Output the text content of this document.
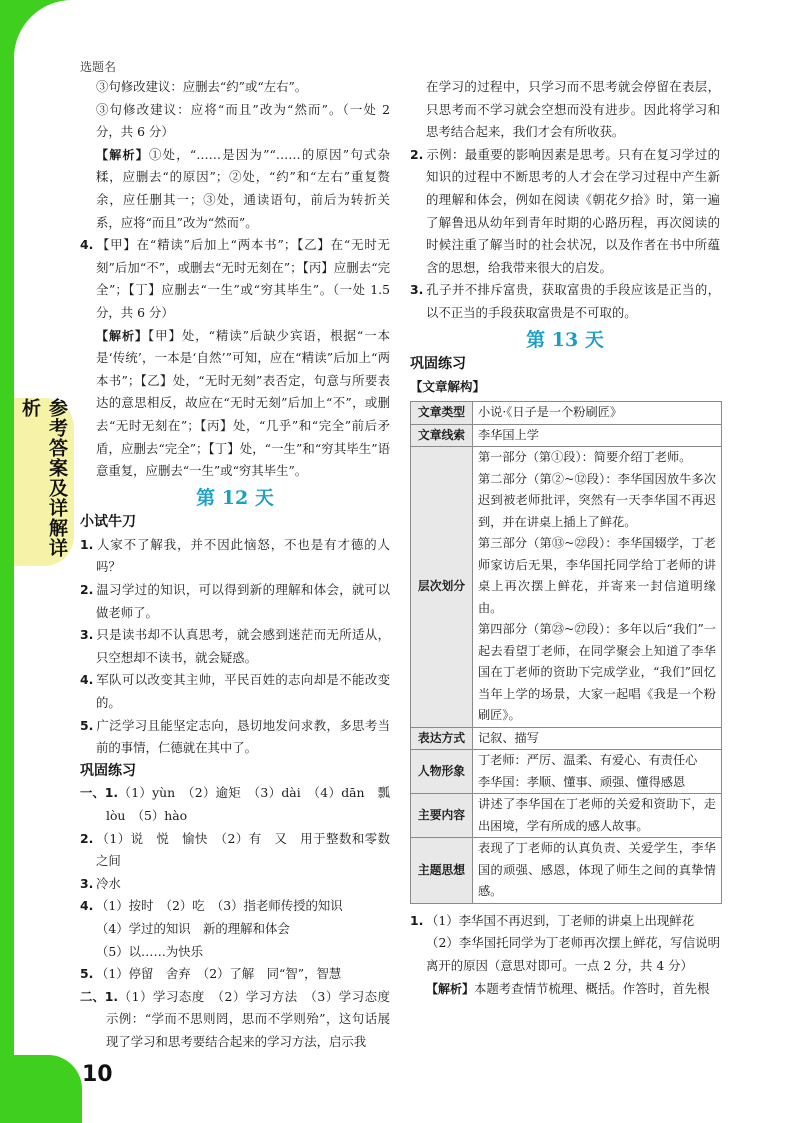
选题名
参考答案及详解详析
③句修改建议：应删去“约”或“左右”。
③句修改建议：应将“而且”改为“然而”。（一处 2 分，共 6 分）
【解析】①处，“……是因为”“……的原因”句式杂糅，应删去“的原因”；②处，“约”和“左右”重复赘余，应任删其一；③处，通读语句，前后为转折关系，应将“而且”改为“然而”。
4. 【甲】在“精读”后加上“两本书”；【乙】在“无时无刻”后加“不”，或删去“无时无刻在”；【丙】应删去“完全”；【丁】应删去“一生”或“穷其毕生”。（一处 1.5 分，共 6 分）
【解析】【甲】处，“精读”后缺少宾语，根据“一本是‘传统’，一本是‘自然’”可知，应在“精读”后加上“两本书”；【乙】处，“无时无刻”表否定，句意与所要表达的意思相反，故应在“无时无刻”后加上“不”，或删去“无时无刻在”；【丙】处，“几乎”和“完全”前后矛盾，应删去“完全”；【丁】处，“一生”和“穷其毕生”语意重复，应删去“一生”或“穷其毕生”。
第 12 天
小试牛刀
1. 人家不了解我，并不因此恼怒，不也是有才德的人吗？
2. 温习学过的知识，可以得到新的理解和体会，就可以做老师了。
3. 只是读书却不认真思考，就会感到迷茫而无所适从，只空想却不读书，就会疑惑。
4. 军队可以改变其主帅，平民百姓的志向却是不能改变的。
5. 广泛学习且能坚定志向，恳切地发问求教，多思考当前的事情，仁德就在其中了。
巩固练习
一、1.（1）yùn　（2）逾矩　（3）dài　（4）dān　瓢 lòu　（5）hào
2. （1）说　悦　愉快　（2）有　又　用于整数和零数之间
3. 冷水
4. （1）按时　（2）吃　（3）指老师传授的知识
（4）学过的知识　新的理解和体会
（5）以……为快乐
5. （1）停留　舍弃　（2）了解　同“智”，智慧
二、1.（1）学习态度　（2）学习方法　（3）学习态度　示例：“学而不思则罔，思而不学则殆”，这句话展现了学习和思考要结合起来的学习方法，启示我
在学习的过程中，只学习而不思考就会停留在表层，只思考而不学习就会空想而没有进步。因此将学习和思考结合起来，我们才会有所收获。
2. 示例：最重要的影响因素是思考。只有在复习学过的知识的过程中不断思考的人才会在学习过程中产生新的理解和体会，例如在阅读《朝花夕拾》时，第一遍了解鲁迅从幼年到青年时期的心路历程，再次阅读的时候注重了解当时的社会状况，以及作者在书中所蕴含的思想，给我带来很大的启发。
3. 孔子并不排斥富贵，获取富贵的手段应该是正当的，以不正当的手段获取富贵是不可取的。
第 13 天
巩固练习
【文章解构】
文章类型	小说·《日子是一个粉刷匠》
文章线索	李华国上学
层次划分	第一部分（第①段）：简要介绍丁老师。
第二部分（第②~⑫段）：李华国因放牛多次迟到被老师批评，突然有一天李华国不再迟到，并在讲桌上插上了鲜花。
第三部分（第⑬~㉒段）：李华国辍学，丁老师家访后无果，李华国托同学给丁老师的讲桌上再次摆上鲜花，并寄来一封信道明缘由。
第四部分（第㉓~㉗段）：多年以后“我们”一起去看望丁老师，在同学聚会上知道了李华国在丁老师的资助下完成学业，“我们”回忆当年上学的场景，大家一起唱《我是一个粉刷匠》。

表达方式	记叙、描写
人物形象	丁老师：严厉、温柔、有爱心、有责任心
李华国：孝顺、懂事、顽强、懂得感恩

主要内容	讲述了李华国在丁老师的关爱和资助下，走出困境，学有所成的感人故事。
主题思想	表现了丁老师的认真负责、关爱学生，李华国的顽强、感恩，体现了师生之间的真挚情感。
1. （1）李华国不再迟到，丁老师的讲桌上出现鲜花
（2）李华国托同学为丁老师再次摆上鲜花，写信说明离开的原因（意思对即可。一点 2 分，共 4 分）
【解析】本题考查情节梳理、概括。作答时，首先根
10
